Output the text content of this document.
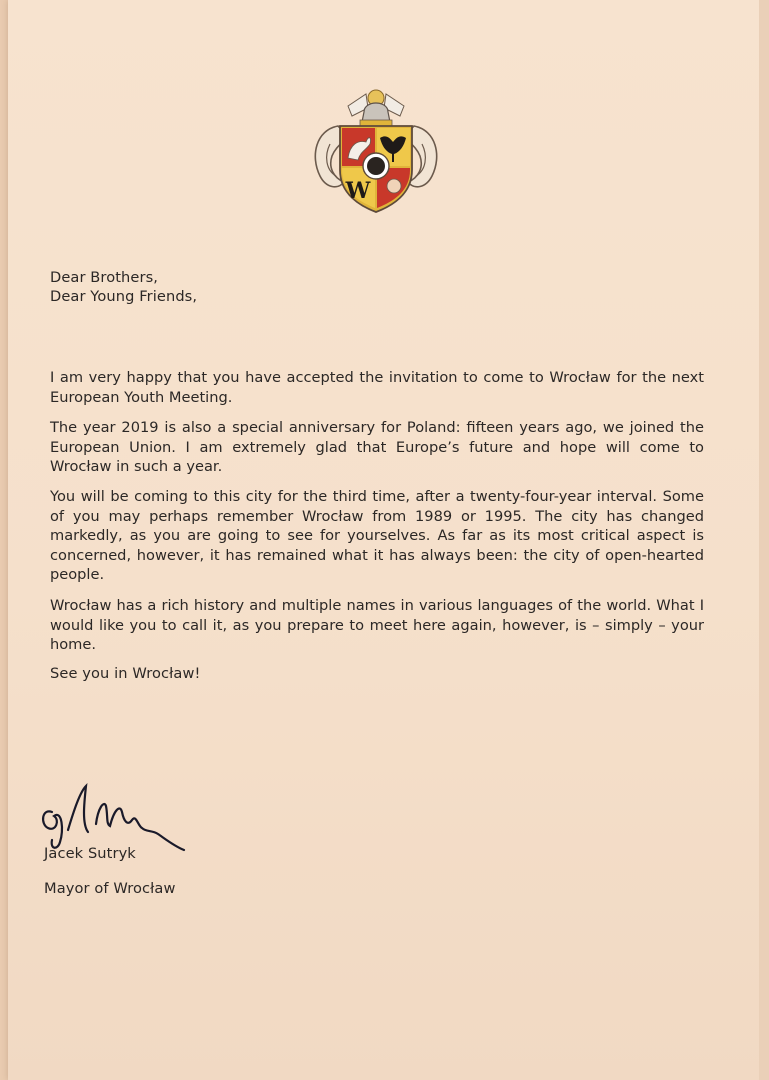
W
Dear Brothers,
Dear Young Friends,
I am very happy that you have accepted the invitation to come to Wrocław for the next European Youth Meeting.
The year 2019 is also a special anniversary for Poland: fifteen years ago, we joined the European Union. I am extremely glad that Europe’s future and hope will come to Wrocław in such a year.
You will be coming to this city for the third time, after a twenty-four-year interval. Some of you may perhaps remember Wrocław from 1989 or 1995. The city has changed markedly, as you are going to see for yourselves. As far as its most critical aspect is concerned, however, it has remained what it has always been: the city of open-hearted people.
Wrocław has a rich history and multiple names in various languages of the world. What I would like you to call it, as you prepare to meet here again, however, is – simply – your home.
See you in Wrocław!
Jacek Sutryk
Mayor of Wrocław
